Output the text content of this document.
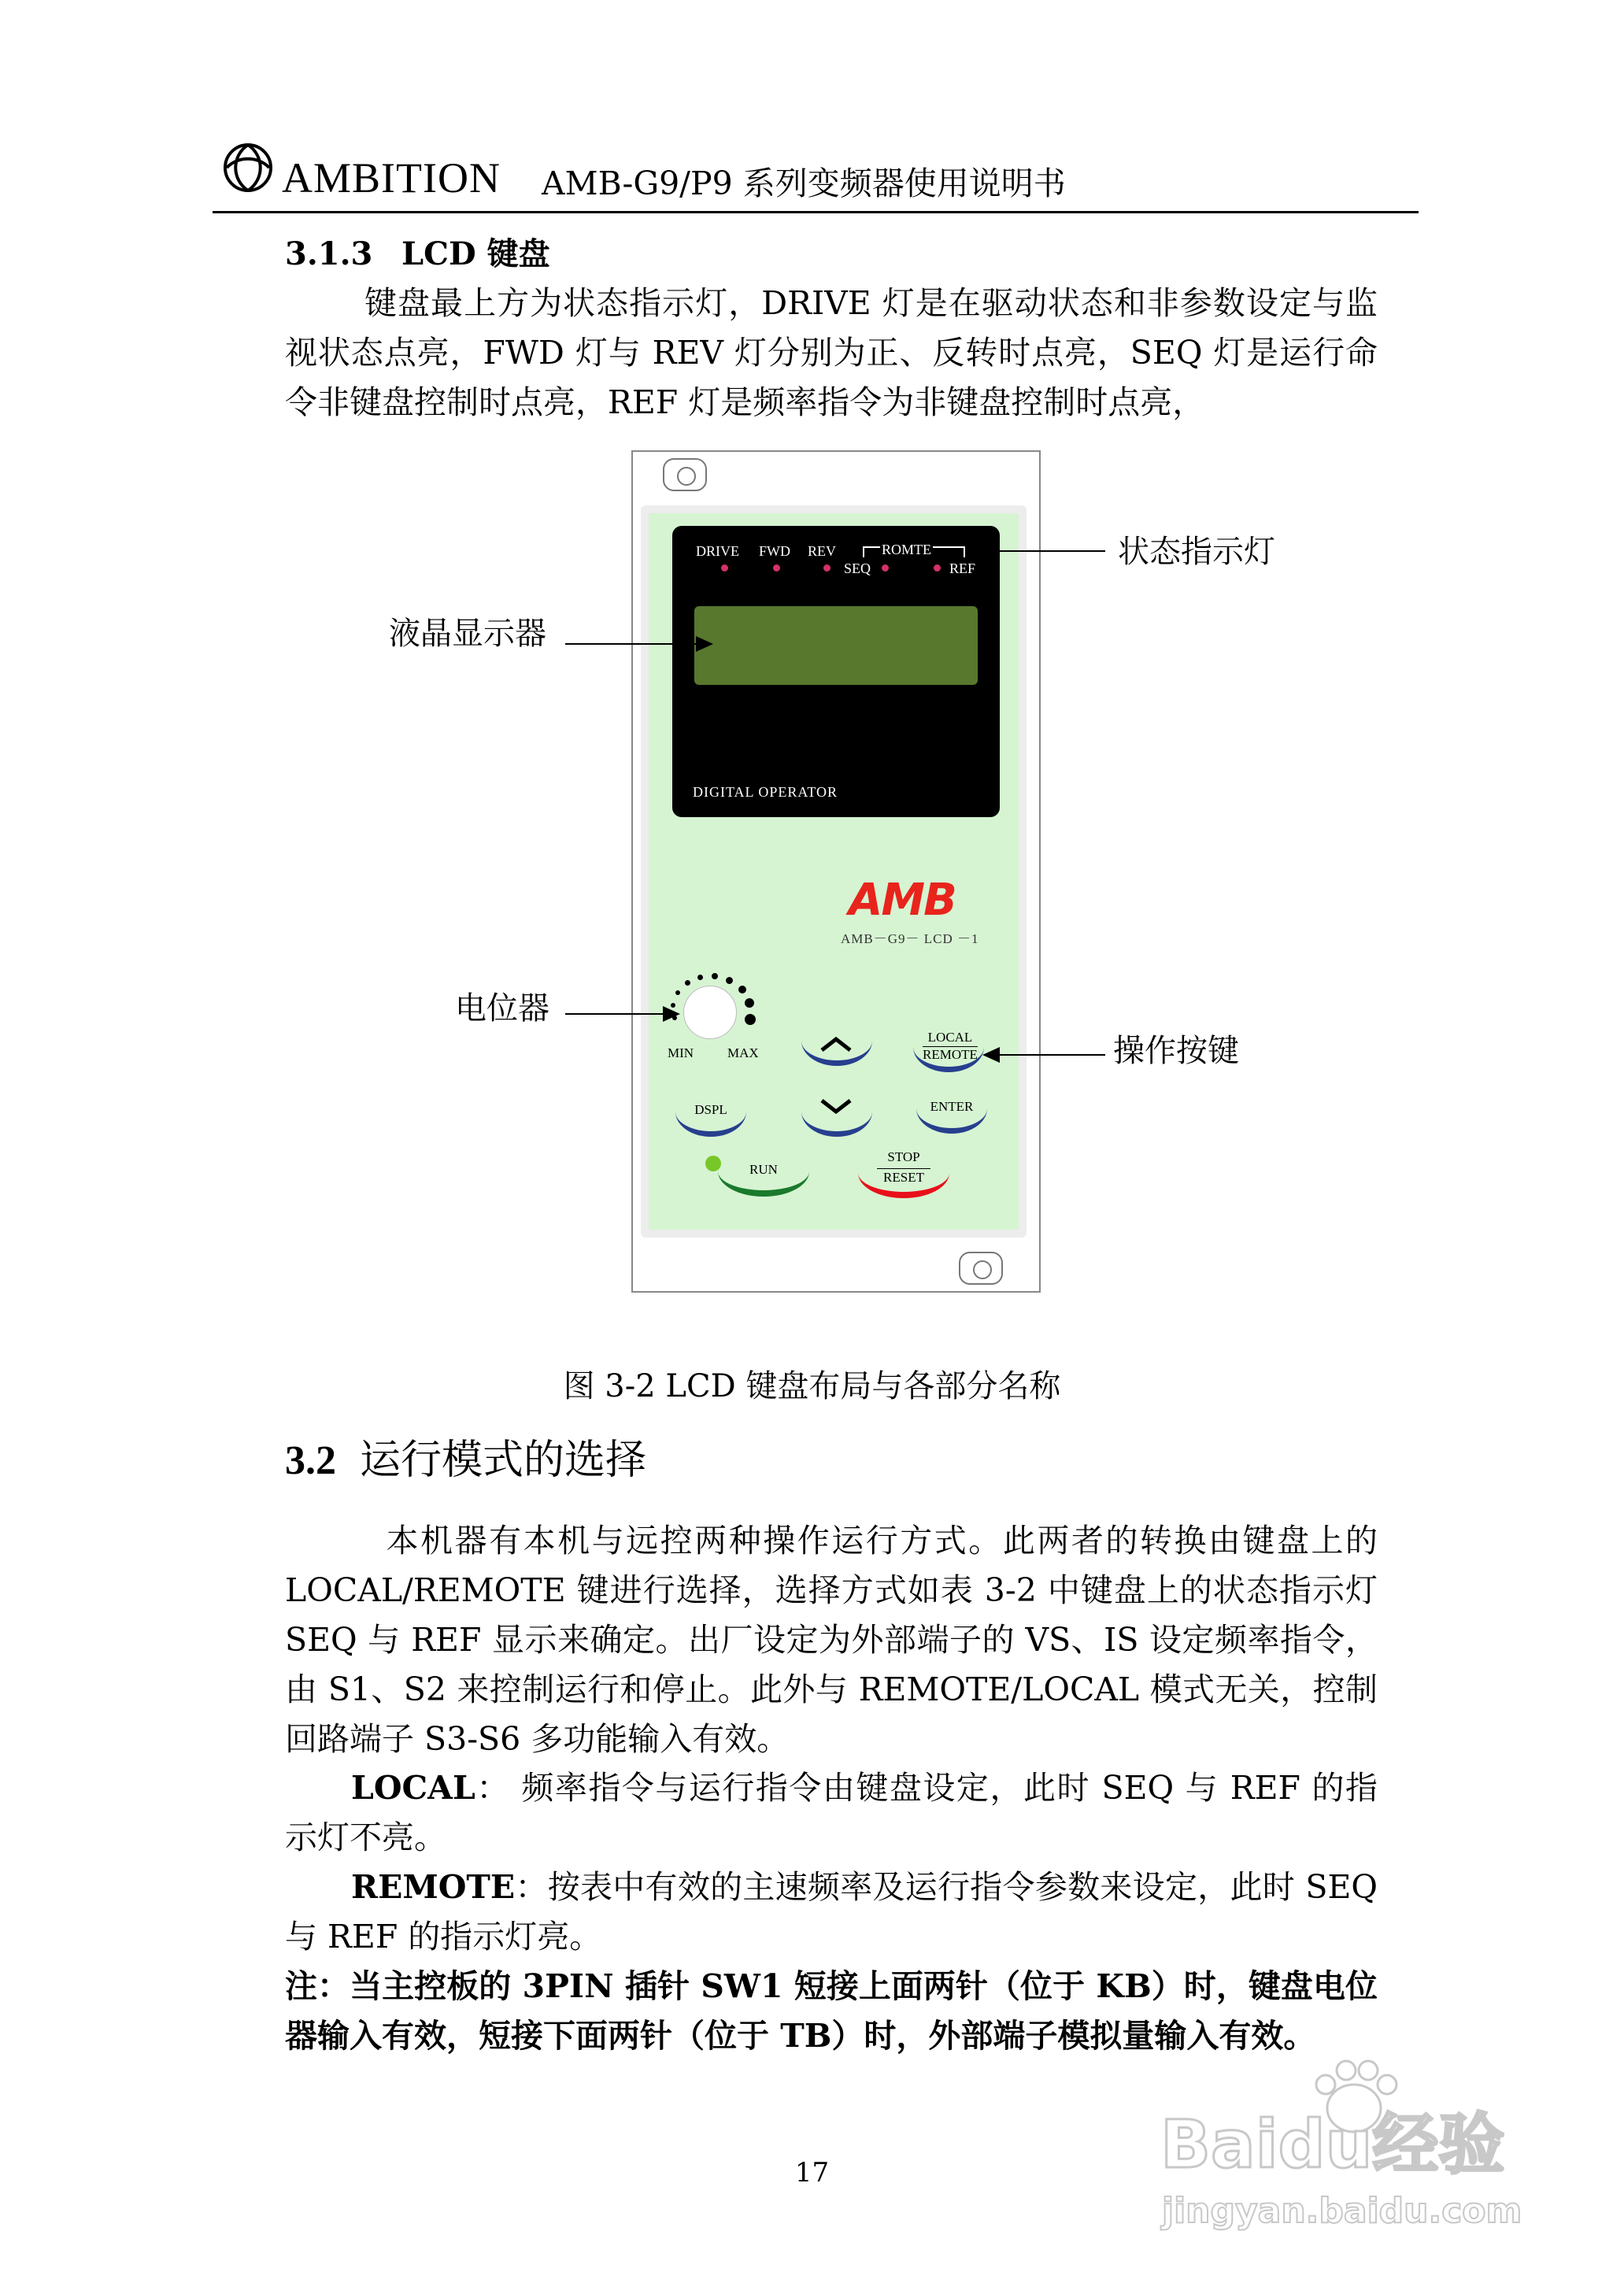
AMBITION AMB-G9/P9 系列变频器使用说明书
3.1.3 LCD 键盘
键盘最上方为状态指示灯，DRIVE 灯是在驱动状态和非参数设定与监视状态点亮，FWD 灯与 REV 灯分别为正、反转时点亮，SEQ 灯是运行命令非键盘控制时点亮，REF 灯是频率指令为非键盘控制时点亮，
DRIVE FWD REV	ROMTE
SEQ	REF
DIGITAL OPERATOR
AMB
AMB－G9－ LCD －1
MIN	MAX
LOCAL
REMOTE
DSPL	ENTER
RUN
STOP
RESET
状态指示灯
液晶显示器
电位器
操作按键
图 3-2 LCD 键盘布局与各部分名称
3.2 运行模式的选择
本机器有本机与远控两种操作运行方式。此两者的转换由键盘上的 LOCAL/REMOTE 键进行选择，选择方式如表 3-2 中键盘上的状态指示灯 SEQ 与 REF 显示来确定。出厂设定为外部端子的 VS、IS 设定频率指令，由 S1、S2 来控制运行和停止。此外与 REMOTE/LOCAL 模式无关，控制回路端子 S3-S6 多功能输入有效。
LOCAL： 频率指令与运行指令由键盘设定，此时 SEQ 与 REF 的指示灯不亮。
REMOTE：按表中有效的主速频率及运行指令参数来设定，此时 SEQ 与 REF 的指示灯亮。
注：当主控板的 3PIN 插针 SW1 短接上面两针（位于 KB）时，键盘电位器输入有效，短接下面两针（位于 TB）时，外部端子模拟量输入有效。
17	Baidu经验
jingyan.baidu.com
